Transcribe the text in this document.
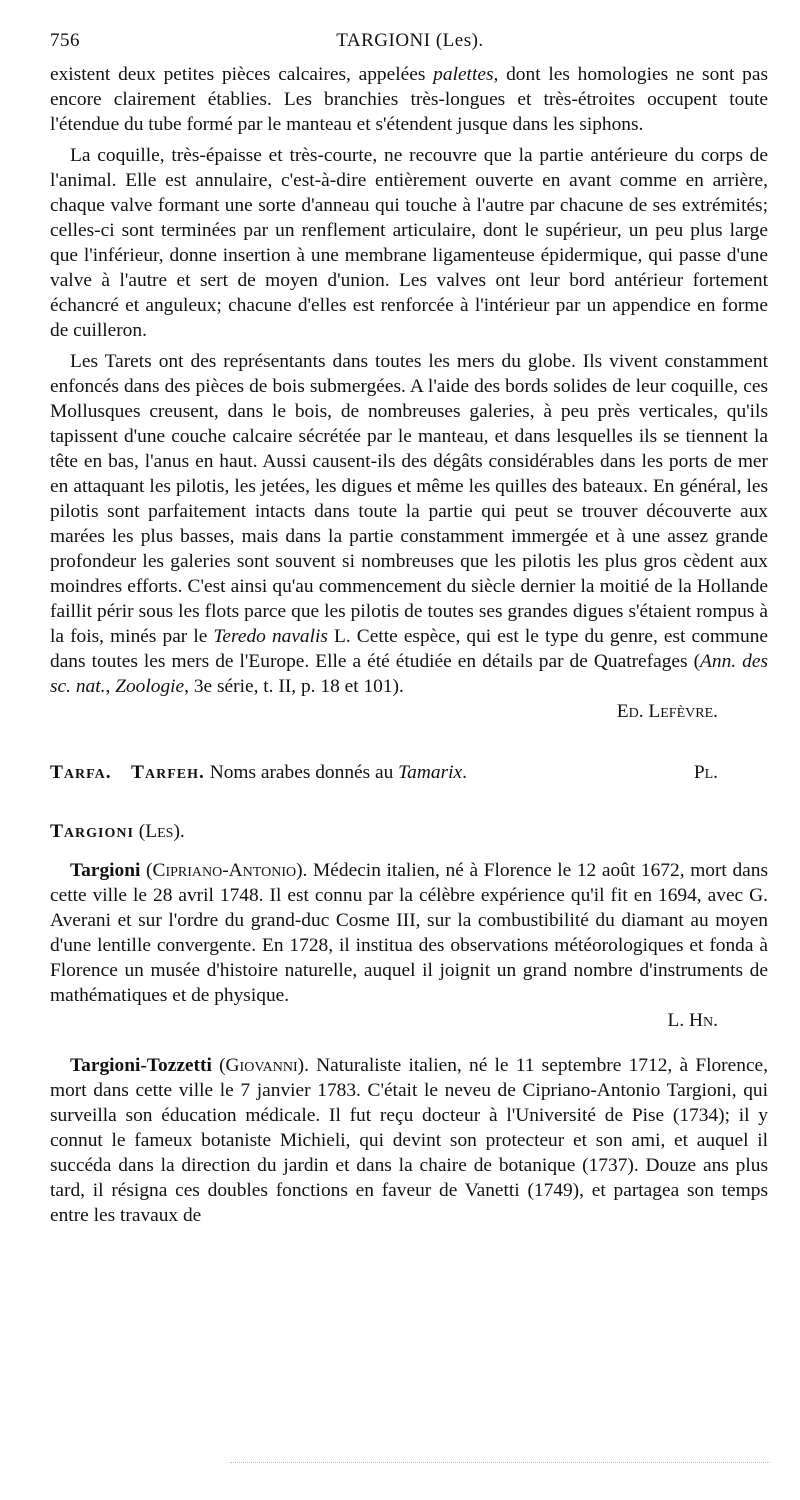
756	TARGIONI (Les).

existent deux petites pièces calcaires, appelées palettes, dont les homologies ne sont pas encore clairement établies. Les branchies très-longues et très-étroites occupent toute l'étendue du tube formé par le manteau et s'étendent jusque dans les siphons.

La coquille, très-épaisse et très-courte, ne recouvre que la partie antérieure du corps de l'animal. Elle est annulaire, c'est-à-dire entièrement ouverte en avant comme en arrière, chaque valve formant une sorte d'anneau qui touche à l'autre par chacune de ses extrémités; celles-ci sont terminées par un renflement articulaire, dont le supérieur, un peu plus large que l'inférieur, donne insertion à une membrane ligamenteuse épidermique, qui passe d'une valve à l'autre et sert de moyen d'union. Les valves ont leur bord antérieur fortement échancré et anguleux; chacune d'elles est renforcée à l'intérieur par un appendice en forme de cuilleron.

Les Tarets ont des représentants dans toutes les mers du globe. Ils vivent constamment enfoncés dans des pièces de bois submergées. A l'aide des bords solides de leur coquille, ces Mollusques creusent, dans le bois, de nombreuses galeries, à peu près verticales, qu'ils tapissent d'une couche calcaire sécrétée par le manteau, et dans lesquelles ils se tiennent la tête en bas, l'anus en haut. Aussi causent-ils des dégâts considérables dans les ports de mer en attaquant les pilotis, les jetées, les digues et même les quilles des bateaux. En général, les pilotis sont parfaitement intacts dans toute la partie qui peut se trouver découverte aux marées les plus basses, mais dans la partie constamment immergée et à une assez grande profondeur les galeries sont souvent si nombreuses que les pilotis les plus gros cèdent aux moindres efforts. C'est ainsi qu'au commencement du siècle dernier la moitié de la Hollande faillit périr sous les flots parce que les pilotis de toutes ses grandes digues s'étaient rompus à la fois, minés par le Teredo navalis L. Cette espèce, qui est le type du genre, est commune dans toutes les mers de l'Europe. Elle a été étudiée en détails par de Quatrefages (Ann. des sc. nat., Zoologie, 3e série, t. II, p. 18 et 101).

Ed. Lefèvre.
Tarfa. Tarfeh. Noms arabes donnés au Tamarix.	Pl.
Targioni (Les).

Targioni (Cipriano-Antonio). Médecin italien, né à Florence le 12 août 1672, mort dans cette ville le 28 avril 1748. Il est connu par la célèbre expérience qu'il fit en 1694, avec G. Averani et sur l'ordre du grand-duc Cosme III, sur la combustibilité du diamant au moyen d'une lentille convergente. En 1728, il institua des observations météorologiques et fonda à Florence un musée d'histoire naturelle, auquel il joignit un grand nombre d'instruments de mathématiques et de physique.

L. Hn.

Targioni-Tozzetti (Giovanni). Naturaliste italien, né le 11 septembre 1712, à Florence, mort dans cette ville le 7 janvier 1783. C'était le neveu de Cipriano-Antonio Targioni, qui surveilla son éducation médicale. Il fut reçu docteur à l'Université de Pise (1734); il y connut le fameux botaniste Michieli, qui devint son protecteur et son ami, et auquel il succéda dans la direction du jardin et dans la chaire de botanique (1737). Douze ans plus tard, il résigna ces doubles fonctions en faveur de Vanetti (1749), et partagea son temps entre les travaux de
